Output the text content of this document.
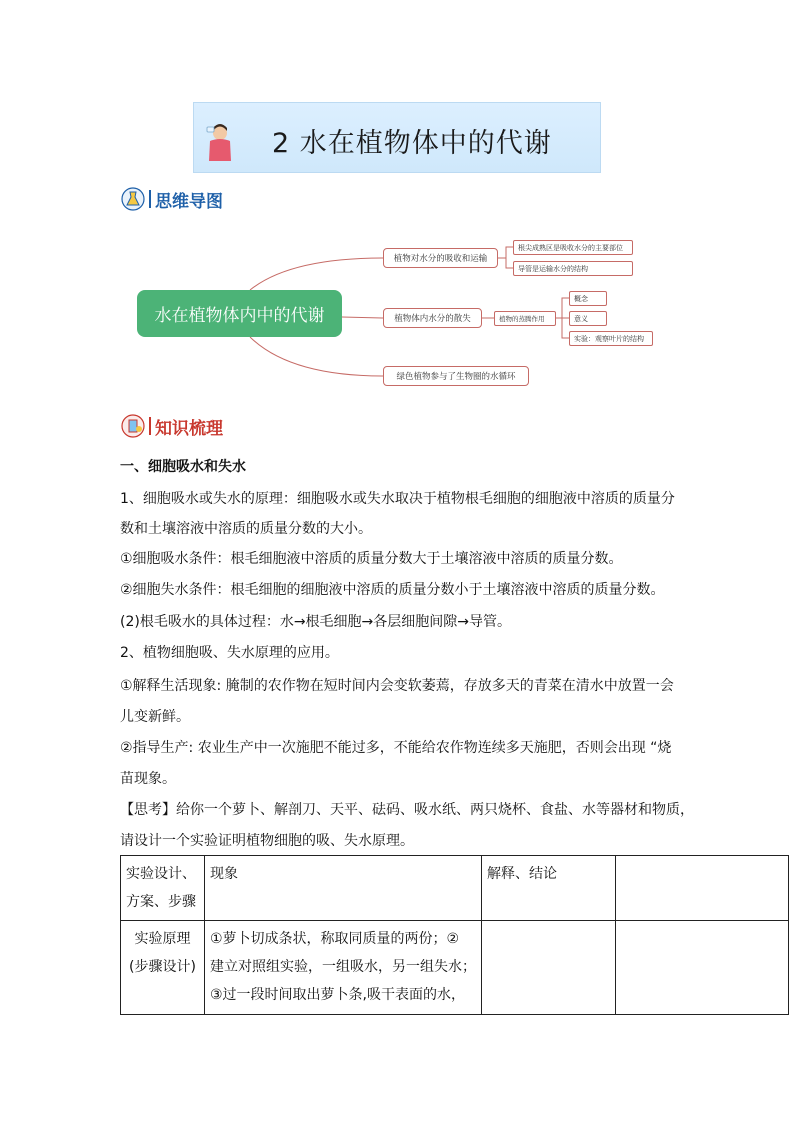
2 水在植物体中的代谢
思维导图
水在植物体内中的代谢
植物对水分的吸收和运输
根尖成熟区是吸收水分的主要部位
导管是运输水分的结构
植物体内水分的散失	植物的蒸腾作用
概念
意义
实验：观察叶片的结构
绿色植物参与了生物圈的水循环
知识梳理
一、细胞吸水和失水
1、细胞吸水或失水的原理：细胞吸水或失水取决于植物根毛细胞的细胞液中溶质的质量分
数和土壤溶液中溶质的质量分数的大小。
①细胞吸水条件：根毛细胞液中溶质的质量分数大于土壤溶液中溶质的质量分数。
②细胞失水条件：根毛细胞的细胞液中溶质的质量分数小于土壤溶液中溶质的质量分数。
(2)根毛吸水的具体过程：水→根毛细胞→各层细胞间隙→导管。
2、植物细胞吸、失水原理的应用。
①解释生活现象: 腌制的农作物在短时间内会变软萎蔫，存放多天的青菜在清水中放置一会
儿变新鲜。
②指导生产: 农业生产中一次施肥不能过多，不能给农作物连续多天施肥，否则会出现 “烧
苗现象。
【思考】给你一个萝卜、解剖刀、天平、砝码、吸水纸、两只烧杯、食盐、水等器材和物质，
请设计一个实验证明植物细胞的吸、失水原理。
实验设计、方案、步骤	现象	解释、结论	
实验原理(步骤设计)	①萝卜切成条状，称取同质量的两份；②
建立对照组实验，一组吸水，另一组失水；
③过一段时间取出萝卜条,吸干表面的水，		
